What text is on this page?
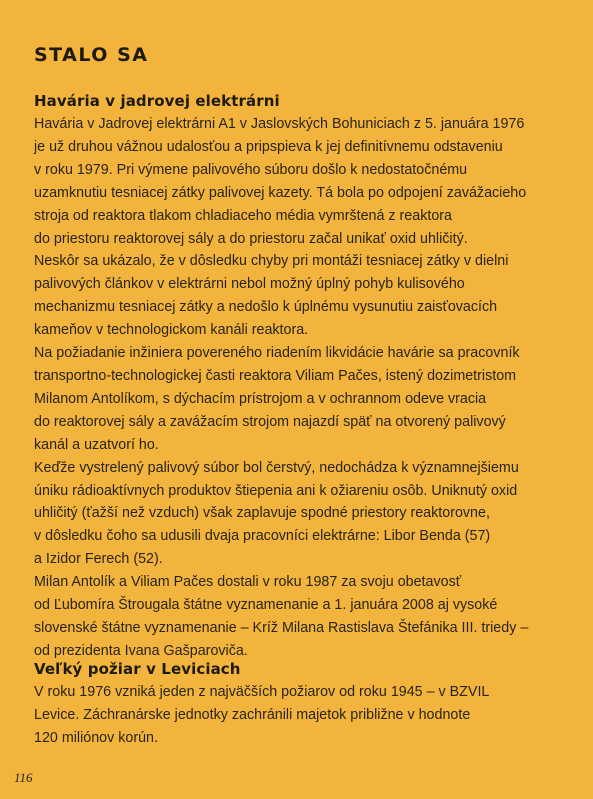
STALO SA
Havária v jadrovej elektrárni
Havária v Jadrovej elektrárni A1 v Jaslovských Bohuniciach z 5. januára 1976
je už druhou vážnou udalosťou a pripspieva k jej definitívnemu odstaveniu
v roku 1979. Pri výmene palivového súboru došlo k nedostatočnému
uzamknutiu tesniacej zátky palivovej kazety. Tá bola po odpojení zavážacieho
stroja od reaktora tlakom chladiaceho média vymrštená z reaktora
do priestoru reaktorovej sály a do priestoru začal unikať oxid uhličitý.
Neskôr sa ukázalo, že v dôsledku chyby pri montáži tesniacej zátky v dielni
palivových článkov v elektrárni nebol možný úplný pohyb kulisového
mechanizmu tesniacej zátky a nedošlo k úplnému vysunutiu zaisťovacích
kameňov v technologickom kanáli reaktora.
Na požiadanie inžiniera povereného riadením likvidácie havárie sa pracovník
transportno-technologickej časti reaktora Viliam Pačes, istený dozimetristom
Milanom Antolíkom, s dýchacím prístrojom a v ochrannom odeve vracia
do reaktorovej sály a zavážacím strojom najazdí späť na otvorený palivový
kanál a uzatvorí ho.
Keďže vystrelený palivový súbor bol čerstvý, nedochádza k významnejšiemu
úniku rádioaktívnych produktov štiepenia ani k ožiareniu osôb. Uniknutý oxid
uhličitý (ťažší než vzduch) však zaplavuje spodné priestory reaktorovne,
v dôsledku čoho sa udusili dvaja pracovníci elektrárne: Libor Benda (57)
a Izidor Ferech (52).
Milan Antolík a Viliam Pačes dostali v roku 1987 za svoju obetavosť
od Ľubomíra Štrougala štátne vyznamenanie a 1. januára 2008 aj vysoké
slovenské štátne vyznamenanie – Kríž Milana Rastislava Štefánika III. triedy –
od prezidenta Ivana Gašparoviča.
Veľký požiar v Leviciach
V roku 1976 vzniká jeden z najväčších požiarov od roku 1945 – v BZVIL
Levice. Záchranárske jednotky zachránili majetok približne v hodnote
120 miliónov korún.
116
